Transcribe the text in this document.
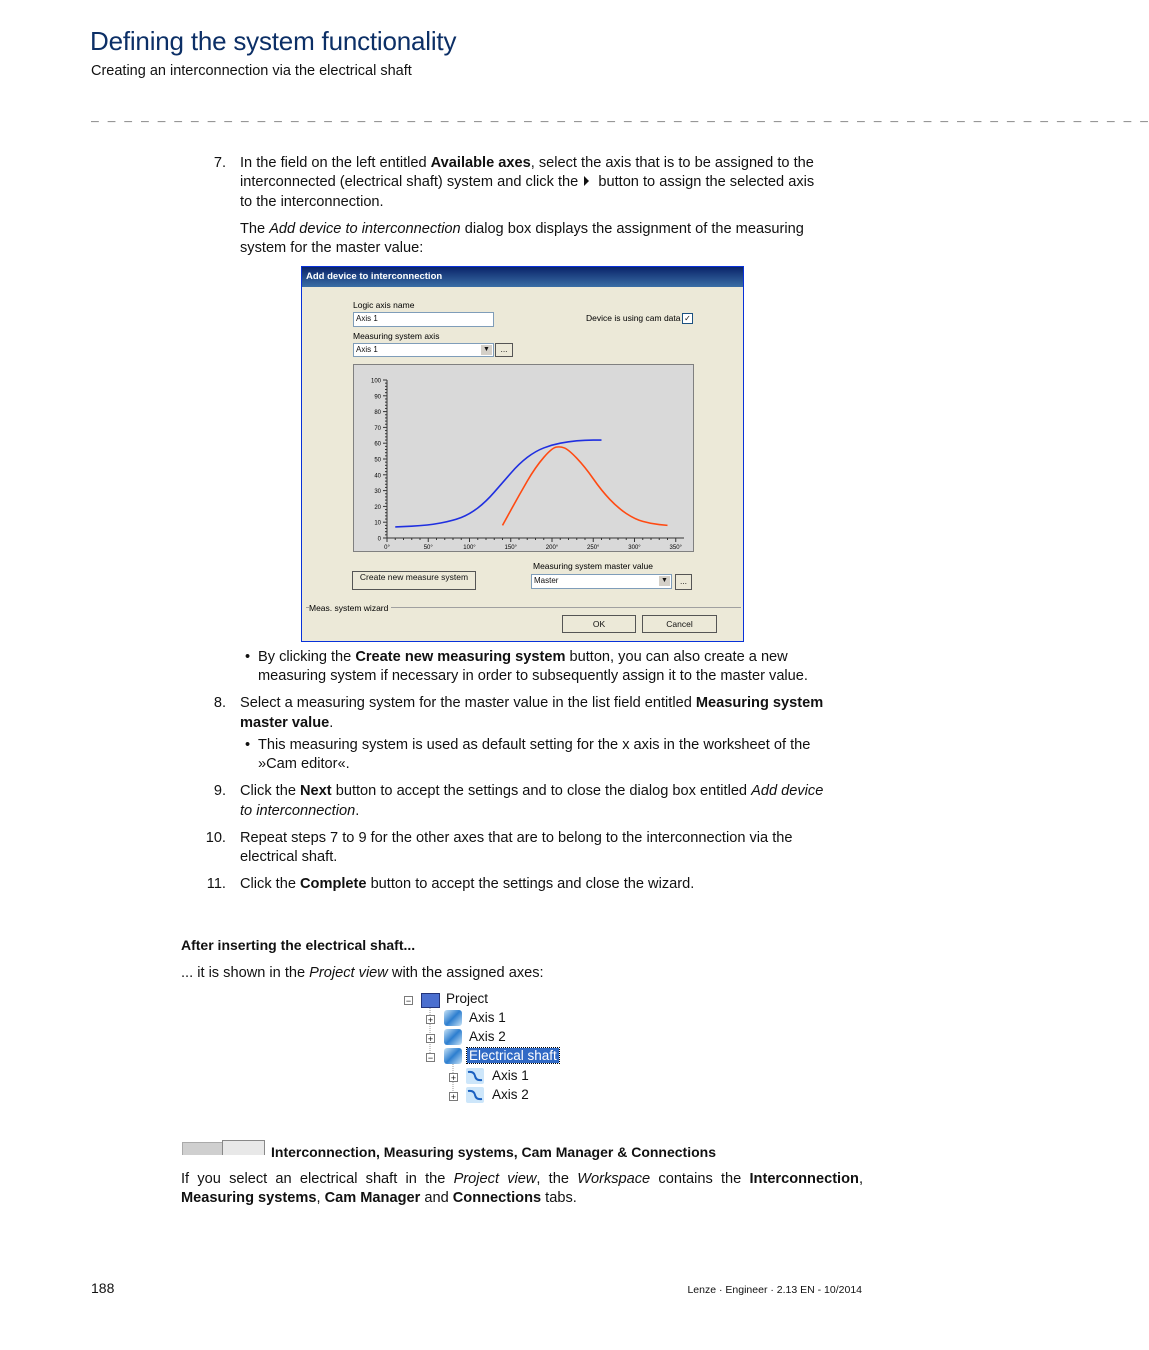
Defining the system functionality
Creating an interconnection via the electrical shaft
_ _ _ _ _ _ _ _ _ _ _ _ _ _ _ _ _ _ _ _ _ _ _ _ _ _ _ _ _ _ _ _ _ _ _ _ _ _ _ _ _ _ _ _ _ _ _ _ _ _ _ _ _ _ _ _ _ _ _ _ _ _ _ _
7. In the field on the left entitled Available axes, select the axis that is to be assigned to the
interconnected (electrical shaft) system and click the  button to assign the selected axis
to the interconnection.
The Add device to interconnection dialog box displays the assignment of the measuring
system for the master value:
Add device to interconnection
Logic axis name
Axis 1	Device is using cam data ✓
Measuring system axis
Axis 1	▼	...
100
90
80
70
60
50
40
30
20
10
0
0°	50°	100°	150°	200°	250°	300°	350°
Create new measure system
Measuring system master value
Master	▼	...
Meas. system wizard
OK	Cancel
• By clicking the Create new measuring system button, you can also create a new
measuring system if necessary in order to subsequently assign it to the master value.
8. Select a measuring system for the master value in the list field entitled Measuring system
master value.
• This measuring system is used as default setting for the x axis in the worksheet of the
»Cam editor«.
9. Click the Next button to accept the settings and to close the dialog box entitled Add device
to interconnection.
10. Repeat steps 7 to 9 for the other axes that are to belong to the interconnection via the
electrical shaft.
11. Click the Complete button to accept the settings and close the wizard.
After inserting the electrical shaft...
... it is shown in the Project view with the assigned axes:
−	Project
+	Axis 1
+	Axis 2
−	Electrical shaft
+	Axis 1
+	Axis 2
Interconnection, Measuring systems, Cam Manager & Connections
If you select an electrical shaft in the Project view, the Workspace contains the Interconnection,
Measuring systems, Cam Manager and Connections tabs.
188	Lenze · Engineer · 2.13 EN - 10/2014
